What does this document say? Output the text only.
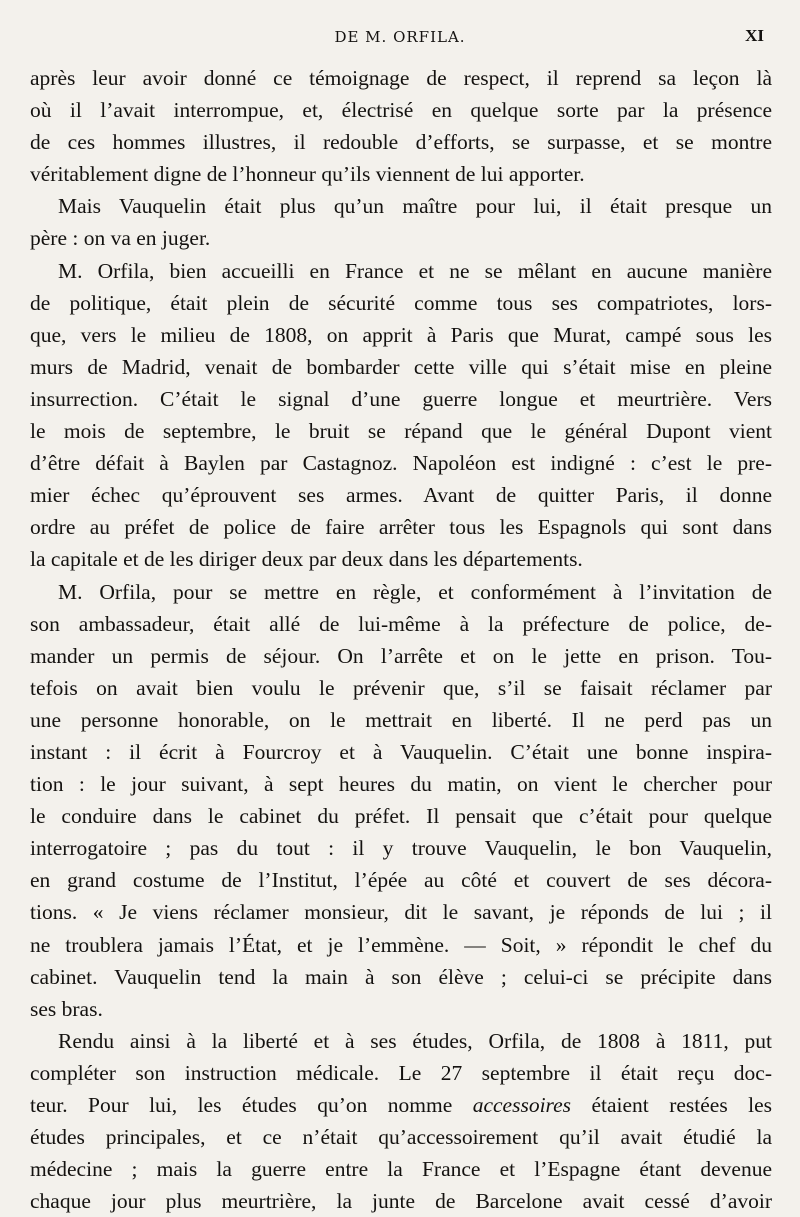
DE M. ORFILA.	XI
après leur avoir donné ce témoignage de respect, il reprend sa leçon là
où il l’avait interrompue, et, électrisé en quelque sorte par la présence
de ces hommes illustres, il redouble d’efforts, se surpasse, et se montre
véritablement digne de l’honneur qu’ils viennent de lui apporter.
Mais Vauquelin était plus qu’un maître pour lui, il était presque un
père : on va en juger.
M. Orfila, bien accueilli en France et ne se mêlant en aucune manière
de politique, était plein de sécurité comme tous ses compatriotes, lors-
que, vers le milieu de 1808, on apprit à Paris que Murat, campé sous les
murs de Madrid, venait de bombarder cette ville qui s’était mise en pleine
insurrection. C’était le signal d’une guerre longue et meurtrière. Vers
le mois de septembre, le bruit se répand que le général Dupont vient
d’être défait à Baylen par Castagnoz. Napoléon est indigné : c’est le pre-
mier échec qu’éprouvent ses armes. Avant de quitter Paris, il donne
ordre au préfet de police de faire arrêter tous les Espagnols qui sont dans
la capitale et de les diriger deux par deux dans les départements.
M. Orfila, pour se mettre en règle, et conformément à l’invitation de
son ambassadeur, était allé de lui-même à la préfecture de police, de-
mander un permis de séjour. On l’arrête et on le jette en prison. Tou-
tefois on avait bien voulu le prévenir que, s’il se faisait réclamer par
une personne honorable, on le mettrait en liberté. Il ne perd pas un
instant : il écrit à Fourcroy et à Vauquelin. C’était une bonne inspira-
tion : le jour suivant, à sept heures du matin, on vient le chercher pour
le conduire dans le cabinet du préfet. Il pensait que c’était pour quelque
interrogatoire ; pas du tout : il y trouve Vauquelin, le bon Vauquelin,
en grand costume de l’Institut, l’épée au côté et couvert de ses décora-
tions. « Je viens réclamer monsieur, dit le savant, je réponds de lui ; il
ne troublera jamais l’État, et je l’emmène. — Soit, » répondit le chef du
cabinet. Vauquelin tend la main à son élève ; celui-ci se précipite dans
ses bras.
Rendu ainsi à la liberté et à ses études, Orfila, de 1808 à 1811, put
compléter son instruction médicale. Le 27 septembre il était reçu doc-
teur. Pour lui, les études qu’on nomme accessoires étaient restées les
études principales, et ce n’était qu’accessoirement qu’il avait étudié la
médecine ; mais la guerre entre la France et l’Espagne étant devenue
chaque jour plus meurtrière, la junte de Barcelone avait cessé d’avoir
